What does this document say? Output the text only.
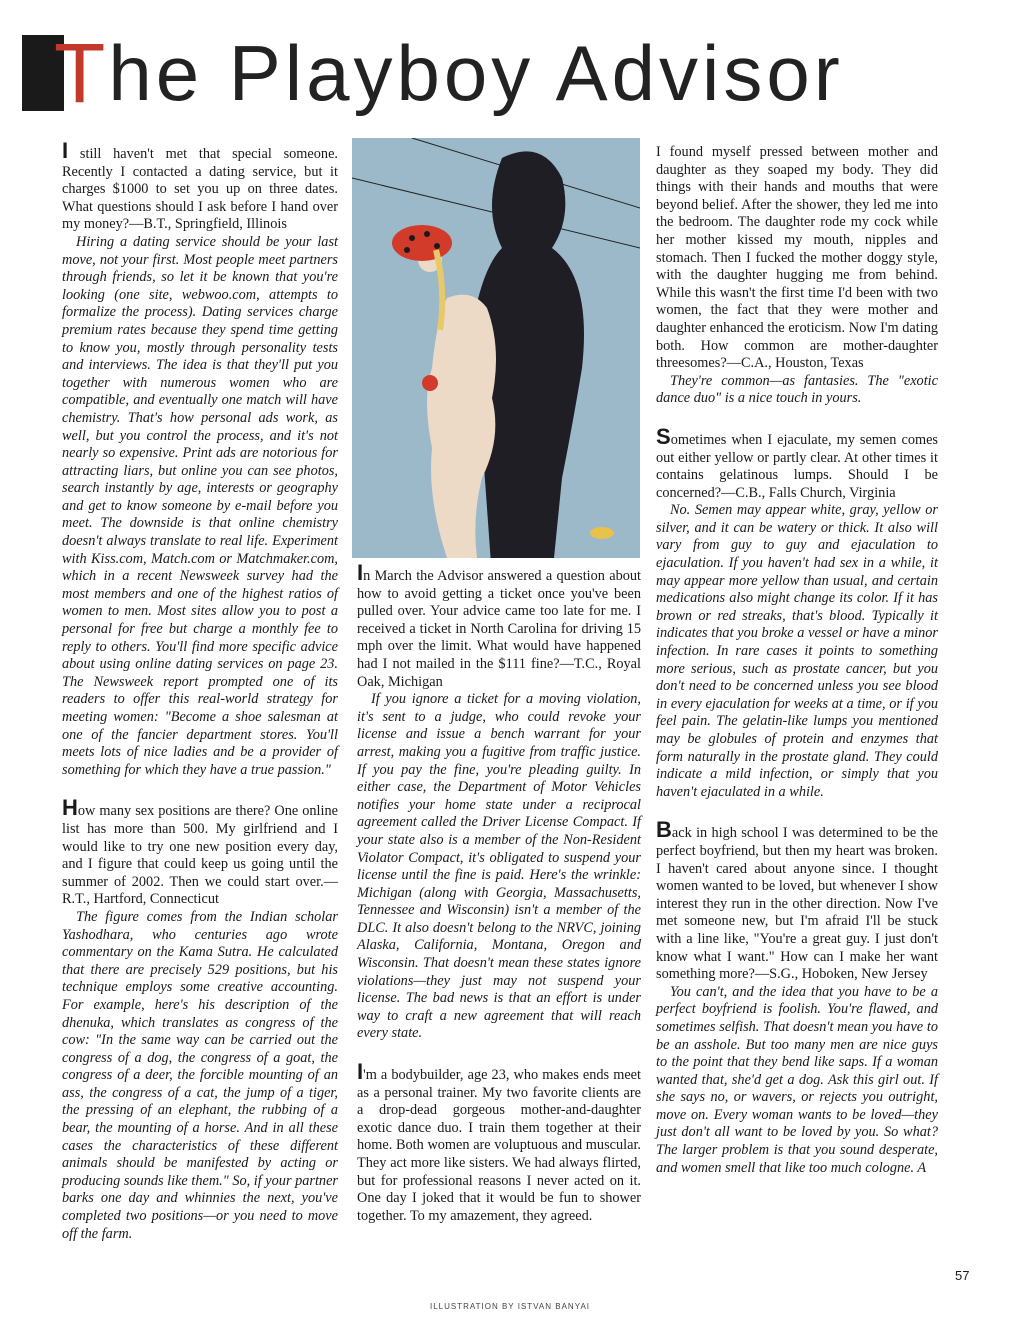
T he Playboy Advisor

I still haven't met that special someone. Recently I contacted a dating service, but it charges $1000 to set you up on three dates. What questions should I ask before I hand over my money?—B.T., Springfield, Illinois

Hiring a dating service should be your last move, not your first. Most people meet partners through friends, so let it be known that you're looking (one site, webwoo.com, attempts to formalize the process). Dating services charge premium rates because they spend time getting to know you, mostly through personality tests and interviews. The idea is that they'll put you together with numerous women who are compatible, and eventually one match will have chemistry. That's how personal ads work, as well, but you control the process, and it's not nearly so expensive. Print ads are notorious for attracting liars, but online you can see photos, search instantly by age, interests or geography and get to know someone by e-mail before you meet. The downside is that online chemistry doesn't always translate to real life. Experiment with Kiss.com, Match.com or Matchmaker.com, which in a recent Newsweek survey had the most members and one of the highest ratios of women to men. Most sites allow you to post a personal for free but charge a monthly fee to reply to others. You'll find more specific advice about using online dating services on page 23. The Newsweek report prompted one of its readers to offer this real-world strategy for meeting women: "Become a shoe salesman at one of the fancier department stores. You'll meets lots of nice ladies and be a provider of something for which they have a true passion."

How many sex positions are there? One online list has more than 500. My girlfriend and I would like to try one new position every day, and I figure that could keep us going until the summer of 2002. Then we could start over.—R.T., Hartford, Connecticut

The figure comes from the Indian scholar Yashodhara, who centuries ago wrote commentary on the Kama Sutra. He calculated that there are precisely 529 positions, but his technique employs some creative accounting. For example, here's his description of the dhenuka, which translates as congress of the cow: "In the same way can be carried out the congress of a dog, the congress of a goat, the congress of a deer, the forcible mounting of an ass, the congress of a cat, the jump of a tiger, the pressing of an elephant, the rubbing of a bear, the mounting of a horse. And in all these cases the characteristics of these different animals should be manifested by acting or producing sounds like them." So, if your partner barks one day and whinnies the next, you've completed two positions—or you need to move off the farm.

In March the Advisor answered a question about how to avoid getting a ticket once you've been pulled over. Your advice came too late for me. I received a ticket in North Carolina for driving 15 mph over the limit. What would have happened had I not mailed in the $111 fine?—T.C., Royal Oak, Michigan

If you ignore a ticket for a moving violation, it's sent to a judge, who could revoke your license and issue a bench warrant for your arrest, making you a fugitive from traffic justice. If you pay the fine, you're pleading guilty. In either case, the Department of Motor Vehicles notifies your home state under a reciprocal agreement called the Driver License Compact. If your state also is a member of the Non-Resident Violator Compact, it's obligated to suspend your license until the fine is paid. Here's the wrinkle: Michigan (along with Georgia, Massachusetts, Tennessee and Wisconsin) isn't a member of the DLC. It also doesn't belong to the NRVC, joining Alaska, California, Montana, Oregon and Wisconsin. That doesn't mean these states ignore violations—they just may not suspend your license. The bad news is that an effort is under way to craft a new agreement that will reach every state.

I'm a bodybuilder, age 23, who makes ends meet as a personal trainer. My two favorite clients are a drop-dead gorgeous mother-and-daughter exotic dance duo. I train them together at their home. Both women are voluptuous and muscular. They act more like sisters. We had always flirted, but for professional reasons I never acted on it. One day I joked that it would be fun to shower together. To my amazement, they agreed.

I found myself pressed between mother and daughter as they soaped my body. They did things with their hands and mouths that were beyond belief. After the shower, they led me into the bedroom. The daughter rode my cock while her mother kissed my mouth, nipples and stomach. Then I fucked the mother doggy style, with the daughter hugging me from behind. While this wasn't the first time I'd been with two women, the fact that they were mother and daughter enhanced the eroticism. Now I'm dating both. How common are mother-daughter threesomes?—C.A., Houston, Texas

They're common—as fantasies. The "exotic dance duo" is a nice touch in yours.

Sometimes when I ejaculate, my semen comes out either yellow or partly clear. At other times it contains gelatinous lumps. Should I be concerned?—C.B., Falls Church, Virginia

No. Semen may appear white, gray, yellow or silver, and it can be watery or thick. It also will vary from guy to guy and ejaculation to ejaculation. If you haven't had sex in a while, it may appear more yellow than usual, and certain medications also might change its color. If it has brown or red streaks, that's blood. Typically it indicates that you broke a vessel or have a minor infection. In rare cases it points to something more serious, such as prostate cancer, but you don't need to be concerned unless you see blood in every ejaculation for weeks at a time, or if you feel pain. The gelatin-like lumps you mentioned may be globules of protein and enzymes that form naturally in the prostate gland. They could indicate a mild infection, or simply that you haven't ejaculated in a while.

Back in high school I was determined to be the perfect boyfriend, but then my heart was broken. I haven't cared about anyone since. I thought women wanted to be loved, but whenever I show interest they run in the other direction. Now I've met someone new, but I'm afraid I'll be stuck with a line like, "You're a great guy. I just don't know what I want." How can I make her want something more?—S.G., Hoboken, New Jersey

You can't, and the idea that you have to be a perfect boyfriend is foolish. You're flawed, and sometimes selfish. That doesn't mean you have to be an asshole. But too many men are nice guys to the point that they bend like saps. If a woman wanted that, she'd get a dog. Ask this girl out. If she says no, or wavers, or rejects you outright, move on. Every woman wants to be loved—they just don't all want to be loved by you. So what? The larger problem is that you sound desperate, and women smell that like too much cologne. A

57
ILLUSTRATION BY ISTVAN BANYAI
